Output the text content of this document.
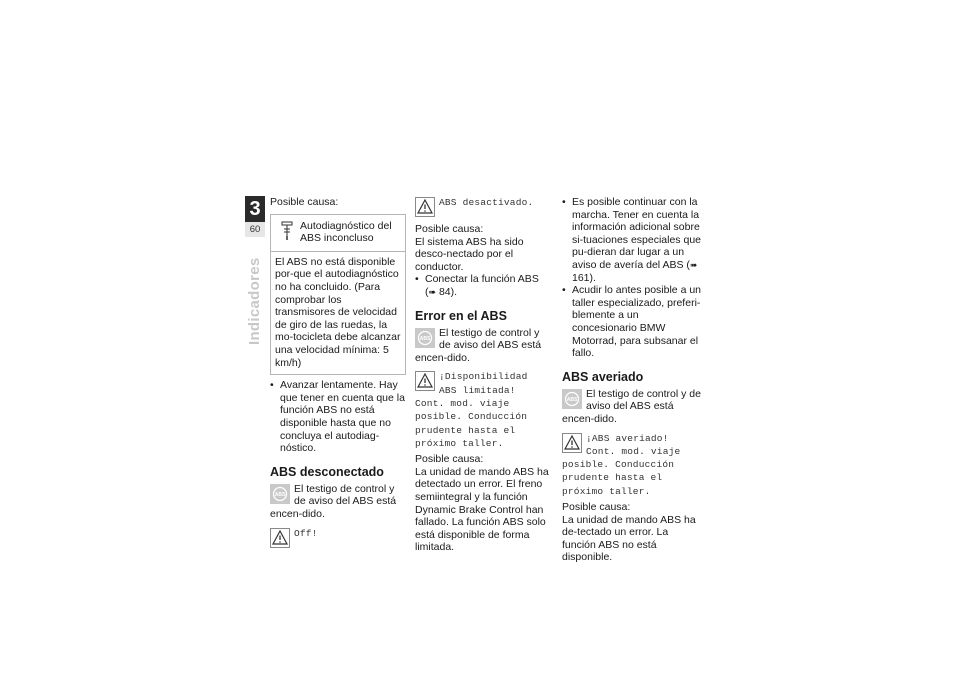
3
60
Indicadores

Posible causa:

Autodiagnóstico del ABS inconcluso
El ABS no está disponible por-que el autodiagnóstico no ha concluido. (Para comprobar los transmisores de velocidad de giro de las ruedas, la mo-tocicleta debe alcanzar una velocidad mínima: 5 km/h)
• Avanzar lentamente. Hay que tener en cuenta que la función ABS no está disponible hasta que no concluya el autodiag-nóstico.
ABS desconectado
ABS El testigo de control y de aviso del ABS está encen-dido.
Off!
ABS desactivado.

Posible causa:

El sistema ABS ha sido desco-nectado por el conductor.

• Conectar la función ABS
(➠ 84).
Error en el ABS
ABS El testigo de control y de aviso del ABS está encen-dido.
¡Disponibilidad ABS limitada! Cont. mod. viaje posible. Conducción prudente hasta el próximo taller.

Posible causa:

La unidad de mando ABS ha detectado un error. El freno semiintegral y la función Dynamic Brake Control han fallado. La función ABS solo está disponible de forma limitada.

• Es posible continuar con la marcha. Tener en cuenta la información adicional sobre si-tuaciones especiales que pu-dieran dar lugar a un aviso de avería del ABS (➠ 161).
• Acudir lo antes posible a un taller especializado, preferi-blemente a un concesionario BMW Motorrad, para subsanar el fallo.
ABS averiado
ABS El testigo de control y de aviso del ABS está encen-dido.
¡ABS averiado! Cont. mod. viaje posible. Conducción prudente hasta el próximo taller.

Posible causa:

La unidad de mando ABS ha de-tectado un error. La función ABS no está disponible.
